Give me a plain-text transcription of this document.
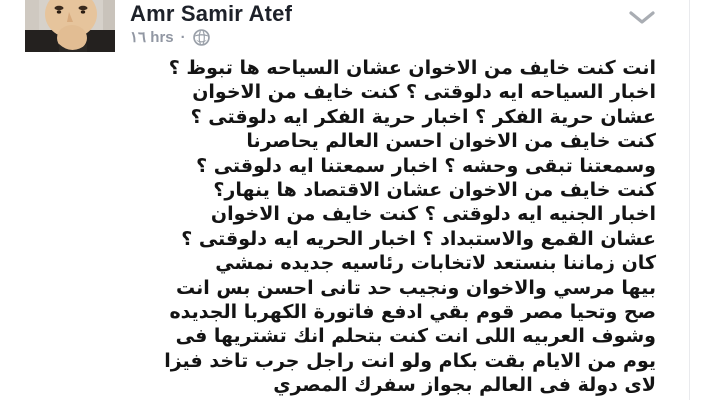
Amr Samir Atef
١٦ hrs ·
انت كنت خايف من الاخوان عشان السياحه ها تبوظ ؟
اخبار السياحه ايه دلوقتى ؟ كنت خايف من الاخوان
عشان حرية الفكر ؟ اخبار حرية الفكر ايه دلوقتى ؟
كنت خايف من الاخوان احسن العالم يحاصرنا
وسمعتنا تبقى وحشه ؟ اخبار سمعتنا ايه دلوقتى ؟
كنت خايف من الاخوان عشان الاقتصاد ها ينهار؟
اخبار الجنيه ايه دلوقتى ؟ كنت خايف من الاخوان
عشان القمع والاستبداد ؟ اخبار الحريه ايه دلوقتى ؟
كان زماننا بنستعد لاتخابات رئاسيه جديده نمشي
بيها مرسي والاخوان ونجيب حد تانى احسن بس انت
صح وتحيا مصر قوم بقي ادفع فاتورة الكهربا الجديده
وشوف العربيه اللى انت كنت بتحلم انك تشتريها فى
يوم من الايام بقت بكام ولو انت راجل جرب تاخد فيزا
لاى دولة فى العالم بجواز سفرك المصري
